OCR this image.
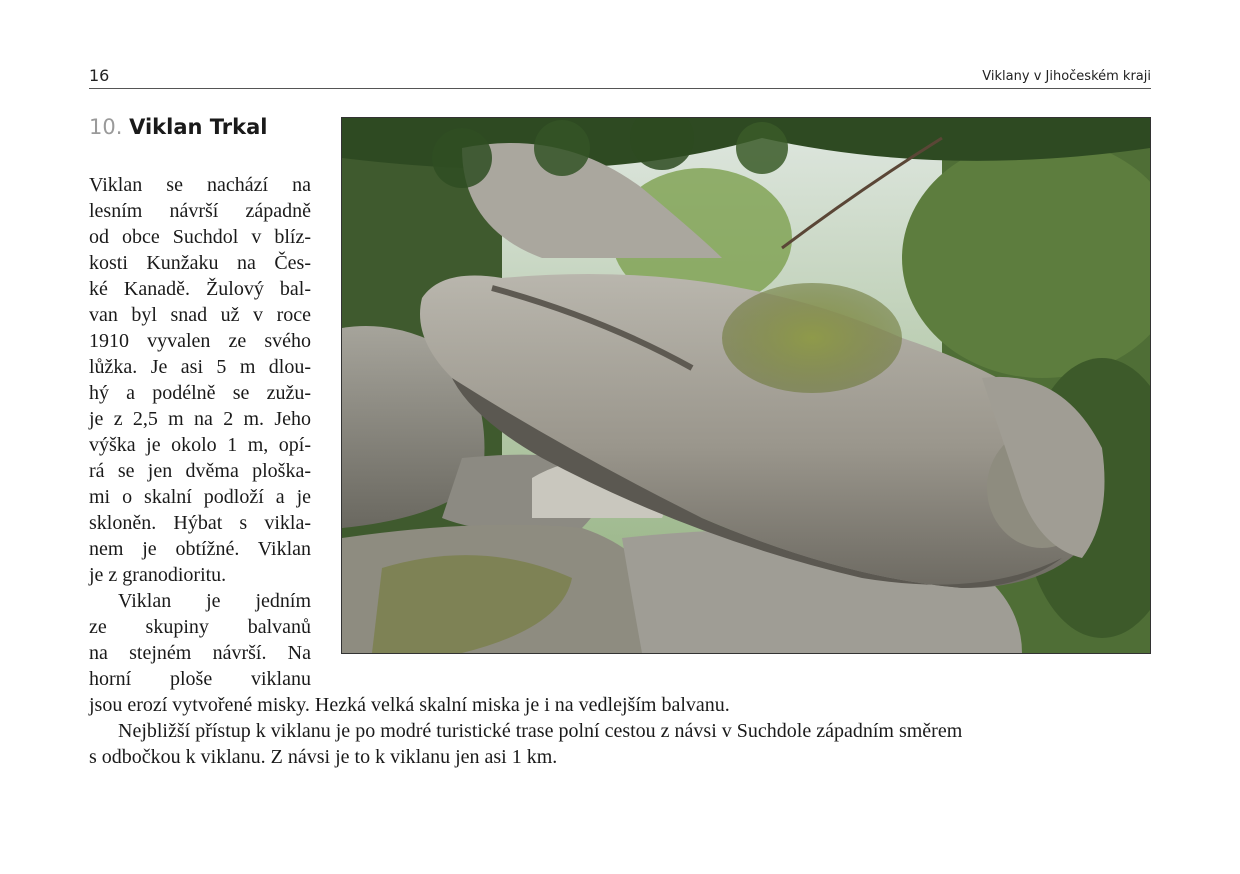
16	Viklany v Jihočeském kraji
10. Viklan Trkal
Viklan se nachází na
lesním návrší západně
od obce Suchdol v blíz-
kosti Kunžaku na Čes-
ké Kanadě. Žulový bal-
van byl snad už v roce
1910 vyvalen ze svého
lůžka. Je asi 5 m dlou-
hý a podélně se zužu-
je z 2,5 m na 2 m. Jeho
výška je okolo 1 m, opí-
rá se jen dvěma ploška-
mi o skalní podloží a je
skloněn. Hýbat s vikla-
nem je obtížné. Viklan
je z granodioritu.
Viklan je jedním
ze skupiny balvanů
na stejném návrší. Na
horní ploše viklanu

jsou erozí vytvořené misky. Hezká velká skalní miska je i na vedlejším balvanu.

Nejbližší přístup k viklanu je po modré turistické trase polní cestou z návsi v Suchdole západním směrem

s odbočkou k viklanu. Z návsi je to k viklanu jen asi 1 km.
